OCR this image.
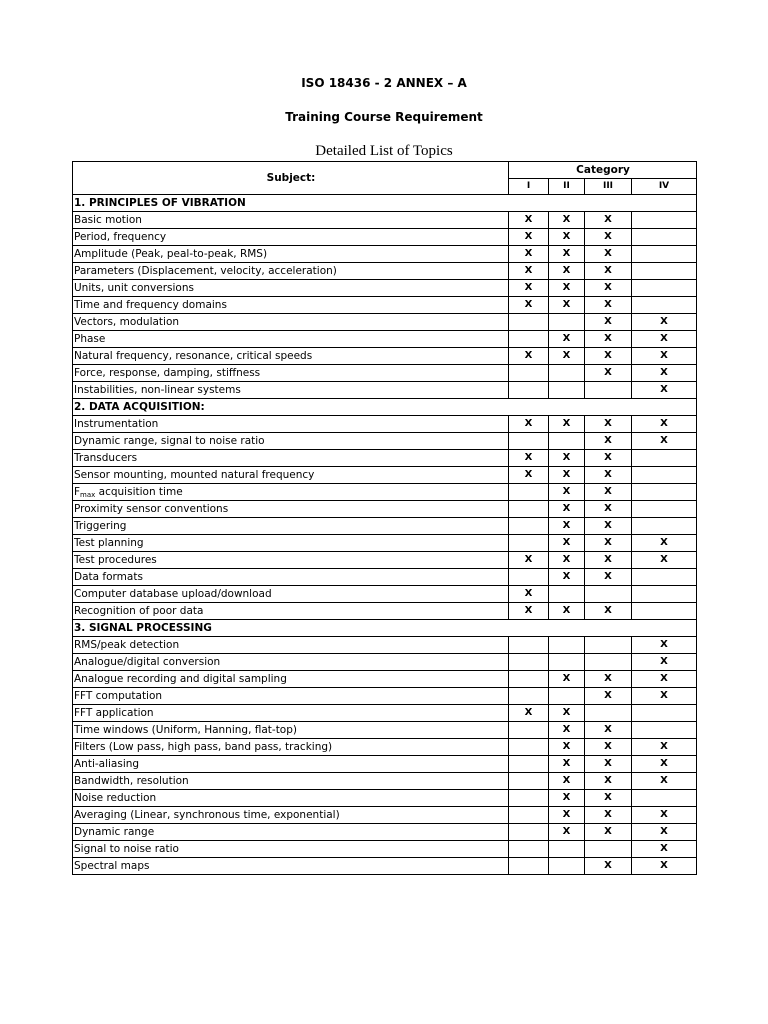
ISO 18436 - 2 ANNEX – A
Training Course Requirement
Detailed List of Topics
Subject:	Category			
	I	II	III	IV
1. PRINCIPLES OF VIBRATION				
Basic motion	X	X	X	
Period, frequency	X	X	X	
Amplitude (Peak, peal-to-peak, RMS)	X	X	X	
Parameters (Displacement, velocity, acceleration)	X	X	X	
Units, unit conversions	X	X	X	
Time and frequency domains	X	X	X	
Vectors, modulation			X	X
Phase		X	X	X
Natural frequency, resonance, critical speeds	X	X	X	X
Force, response, damping, stiffness			X	X
Instabilities, non-linear systems				X
2. DATA ACQUISITION:				
Instrumentation	X	X	X	X
Dynamic range, signal to noise ratio			X	X
Transducers	X	X	X	
Sensor mounting, mounted natural frequency	X	X	X	
$F_{max}$ acquisition time		X	X	
Proximity sensor conventions		X	X	
Triggering		X	X	
Test planning		X	X	X
Test procedures	X	X	X	X
Data formats		X	X	
Computer database upload/download	X			
Recognition of poor data	X	X	X	
3. SIGNAL PROCESSING				
RMS/peak detection				X
Analogue/digital conversion				X
Analogue recording and digital sampling		X	X	X
FFT computation			X	X
FFT application	X	X		
Time windows (Uniform, Hanning, flat-top)		X	X	
Filters (Low pass, high pass, band pass, tracking)		X	X	X
Anti-aliasing		X	X	X
Bandwidth, resolution		X	X	X
Noise reduction		X	X	
Averaging (Linear, synchronous time, exponential)		X	X	X
Dynamic range		X	X	X
Signal to noise ratio				X
Spectral maps			X	X
